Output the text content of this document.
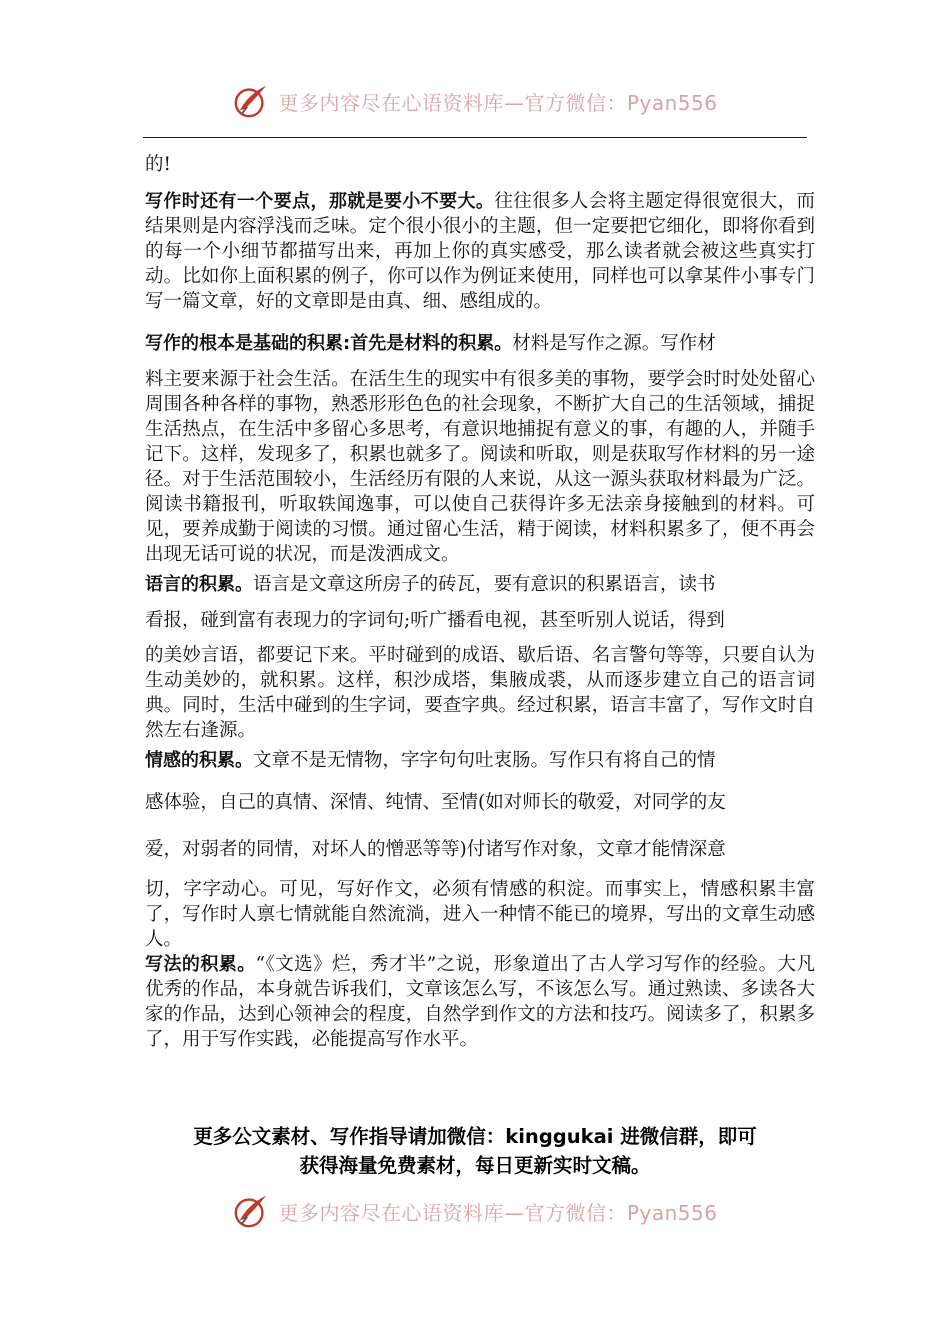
更多内容尽在心语资料库—官方微信：Pyan556

的!

写作时还有一个要点，那就是要小不要大。往往很多人会将主题定得很宽很大，而结果则是内容浮浅而乏味。定个很小很小的主题，但一定要把它细化，即将你看到的每一个小细节都描写出来，再加上你的真实感受，那么读者就会被这些真实打动。比如你上面积累的例子，你可以作为例证来使用，同样也可以拿某件小事专门写一篇文章，好的文章即是由真、细、感组成的。

写作的根本是基础的积累:首先是材料的积累。材料是写作之源。写作材

料主要来源于社会生活。在活生生的现实中有很多美的事物，要学会时时处处留心周围各种各样的事物，熟悉形形色色的社会现象，不断扩大自己的生活领域，捕捉生活热点，在生活中多留心多思考，有意识地捕捉有意义的事，有趣的人，并随手记下。这样，发现多了，积累也就多了。阅读和听取，则是获取写作材料的另一途径。对于生活范围较小，生活经历有限的人来说，从这一源头获取材料最为广泛。阅读书籍报刊，听取轶闻逸事，可以使自己获得许多无法亲身接触到的材料。可见，要养成勤于阅读的习惯。通过留心生活，精于阅读，材料积累多了，便不再会出现无话可说的状况，而是泼洒成文。

语言的积累。语言是文章这所房子的砖瓦，要有意识的积累语言，读书

看报，碰到富有表现力的字词句;听广播看电视，甚至听别人说话，得到

的美妙言语，都要记下来。平时碰到的成语、歇后语、名言警句等等，只要自认为生动美妙的，就积累。这样，积沙成塔，集腋成裘，从而逐步建立自己的语言词典。同时，生活中碰到的生字词，要查字典。经过积累，语言丰富了，写作文时自然左右逢源。

情感的积累。文章不是无情物，字字句句吐衷肠。写作只有将自己的情

感体验，自己的真情、深情、纯情、至情(如对师长的敬爱，对同学的友

爱，对弱者的同情，对坏人的憎恶等等)付诸写作对象，文章才能情深意

切，字字动心。可见，写好作文，必须有情感的积淀。而事实上，情感积累丰富了，写作时人禀七情就能自然流淌，进入一种情不能已的境界，写出的文章生动感人。

写法的积累。“《文选》烂，秀才半”之说，形象道出了古人学习写作的经验。大凡优秀的作品，本身就告诉我们，文章该怎么写，不该怎么写。通过熟读、多读各大家的作品，达到心领神会的程度，自然学到作文的方法和技巧。阅读多了，积累多了，用于写作实践，必能提高写作水平。

更多公文素材、写作指导请加微信：kinggukai 进微信群，即可
获得海量免费素材，每日更新实时文稿。
更多内容尽在心语资料库—官方微信：Pyan556
